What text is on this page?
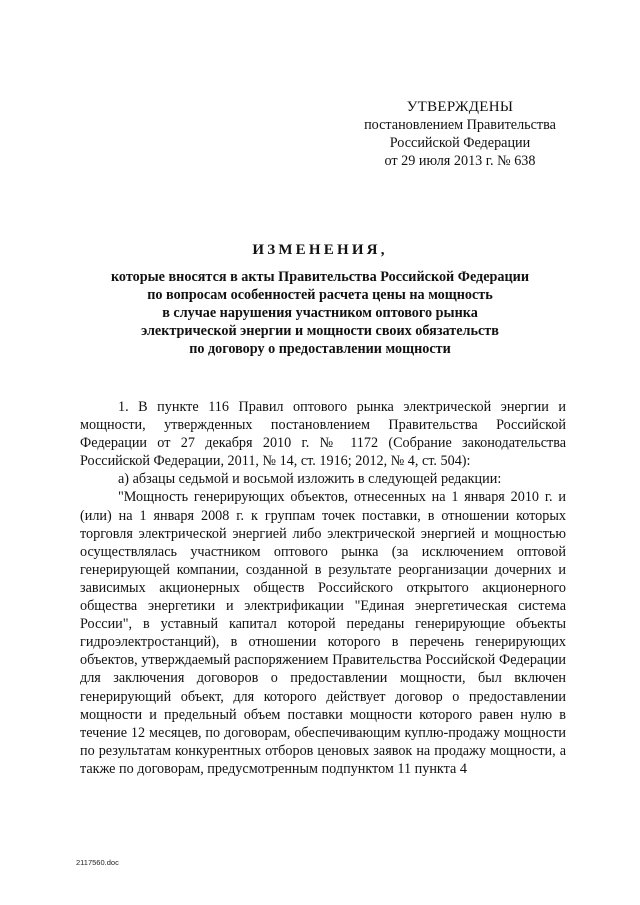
УТВЕРЖДЕНЫ
постановлением Правительства
Российской Федерации
от 29 июля 2013 г. № 638
ИЗМЕНЕНИЯ,
которые вносятся в акты Правительства Российской Федерации
по вопросам особенностей расчета цены на мощность
в случае нарушения участником оптового рынка
электрической энергии и мощности своих обязательств
по договору о предоставлении мощности

1. В пункте 116 Правил оптового рынка электрической энергии и мощности, утвержденных постановлением Правительства Российской Федерации от 27 декабря 2010 г. № 1172 (Собрание законодательства Российской Федерации, 2011, № 14, ст. 1916; 2012, № 4, ст. 504):

а) абзацы седьмой и восьмой изложить в следующей редакции:

"Мощность генерирующих объектов, отнесенных на 1 января 2010 г. и (или) на 1 января 2008 г. к группам точек поставки, в отношении которых торговля электрической энергией либо электрической энергией и мощностью осуществлялась участником оптового рынка (за исключением оптовой генерирующей компании, созданной в результате реорганизации дочерних и зависимых акционерных обществ Российского открытого акционерного общества энергетики и электрификации "Единая энергетическая система России", в уставный капитал которой переданы генерирующие объекты гидроэлектростанций), в отношении которого в перечень генерирующих объектов, утверждаемый распоряжением Правительства Российской Федерации для заключения договоров о предоставлении мощности, был включен генерирующий объект, для которого действует договор о предоставлении мощности и предельный объем поставки мощности которого равен нулю в течение 12 месяцев, по договорам, обеспечивающим куплю-продажу мощности по результатам конкурентных отборов ценовых заявок на продажу мощности, а также по договорам, предусмотренным подпунктом 11 пункта 4

2117560.doc
